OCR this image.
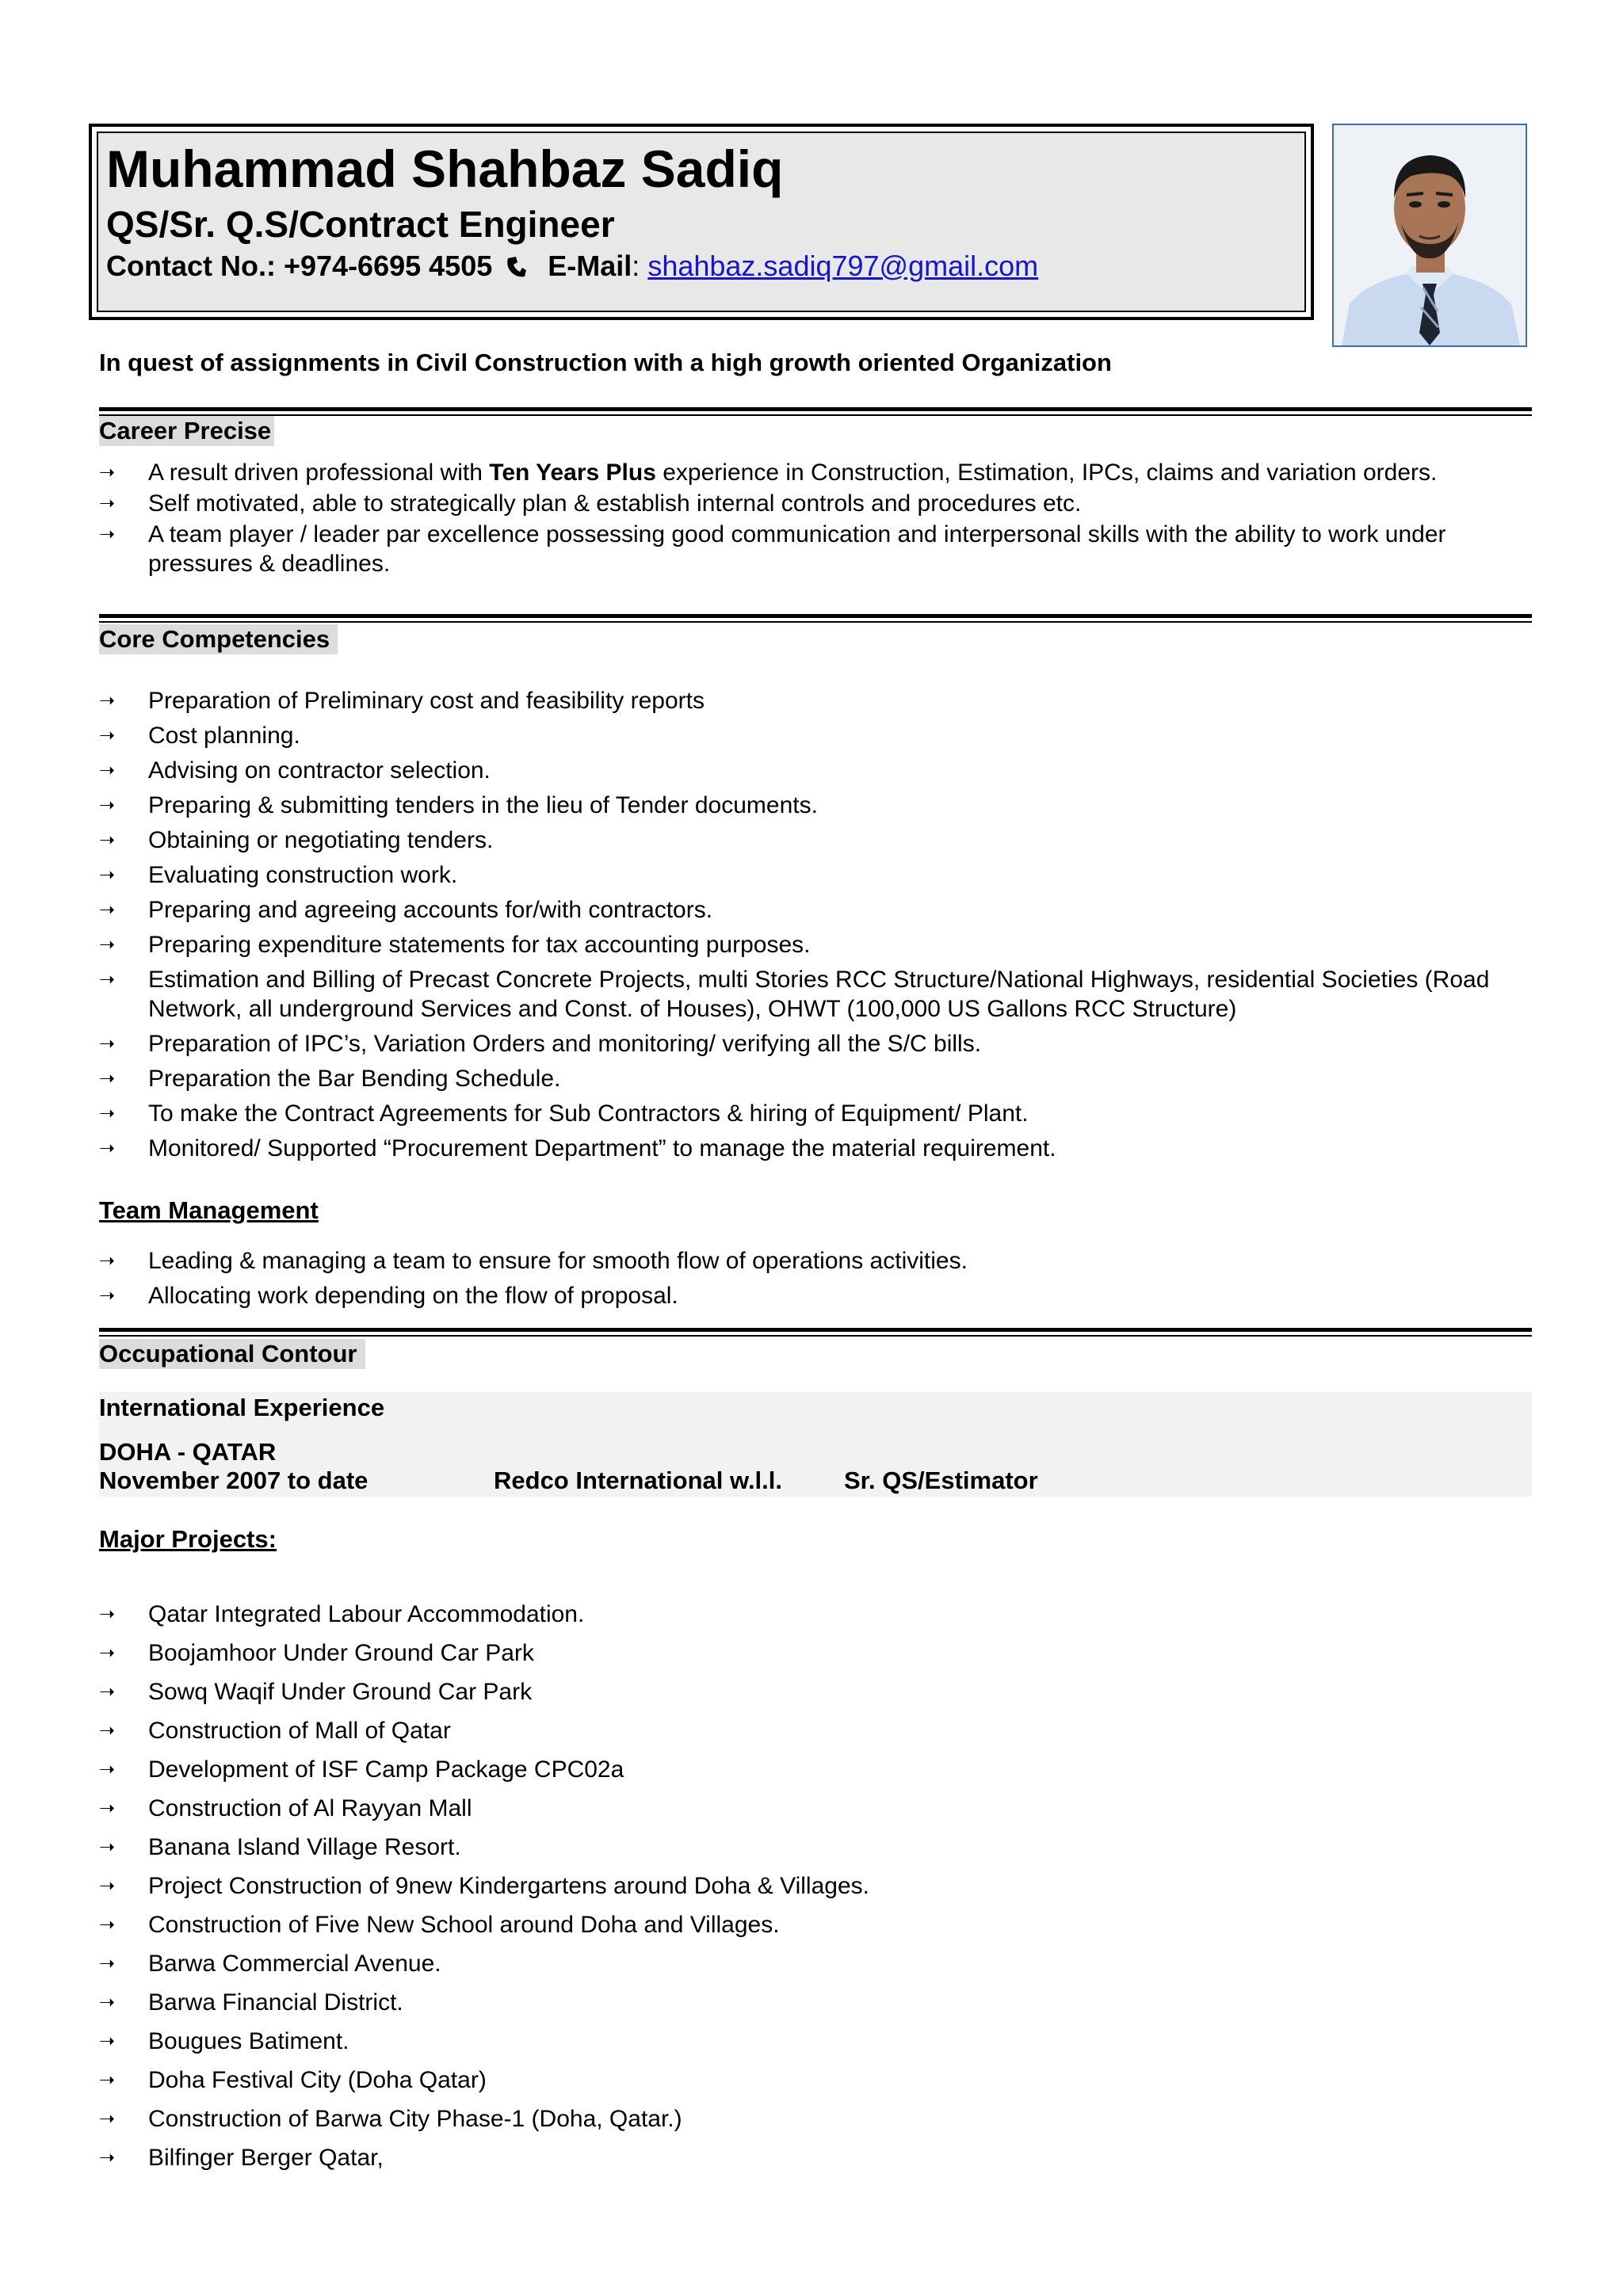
Muhammad Shahbaz Sadiq
QS/Sr. Q.S/Contract Engineer
Contact No.: +974-6695 4505 E-Mail: shahbaz.sadiq797@gmail.com
In quest of assignments in Civil Construction with a high growth oriented Organization
Career Precise
➝ A result driven professional with Ten Years Plus experience in Construction, Estimation, IPCs, claims and variation orders.
➝ Self motivated, able to strategically plan & establish internal controls and procedures etc.
➝ A team player / leader par excellence possessing good communication and interpersonal skills with the ability to work under pressures & deadlines.
Core Competencies
➝ Preparation of Preliminary cost and feasibility reports
➝ Cost planning.
➝ Advising on contractor selection.
➝ Preparing & submitting tenders in the lieu of Tender documents.
➝ Obtaining or negotiating tenders.
➝ Evaluating construction work.
➝ Preparing and agreeing accounts for/with contractors.
➝ Preparing expenditure statements for tax accounting purposes.
➝ Estimation and Billing of Precast Concrete Projects, multi Stories RCC Structure/National Highways, residential Societies (Road Network, all underground Services and Const. of Houses), OHWT (100,000 US Gallons RCC Structure)
➝ Preparation of IPC’s, Variation Orders and monitoring/ verifying all the S/C bills.
➝ Preparation the Bar Bending Schedule.
➝ To make the Contract Agreements for Sub Contractors & hiring of Equipment/ Plant.
➝ Monitored/ Supported “Procurement Department” to manage the material requirement.
Team Management
➝ Leading & managing a team to ensure for smooth flow of operations activities.
➝ Allocating work depending on the flow of proposal.
Occupational Contour
International Experience
DOHA - QATAR
November 2007 to date	Redco International w.l.l.	Sr. QS/Estimator
Major Projects:
➝ Qatar Integrated Labour Accommodation.
➝ Boojamhoor Under Ground Car Park
➝ Sowq Waqif Under Ground Car Park
➝ Construction of Mall of Qatar
➝ Development of ISF Camp Package CPC02a
➝ Construction of Al Rayyan Mall
➝ Banana Island Village Resort.
➝ Project Construction of 9new Kindergartens around Doha & Villages.
➝ Construction of Five New School around Doha and Villages.
➝ Barwa Commercial Avenue.
➝ Barwa Financial District.
➝ Bougues Batiment.
➝ Doha Festival City (Doha Qatar)
➝ Construction of Barwa City Phase-1 (Doha, Qatar.)
➝ Bilfinger Berger Qatar,
